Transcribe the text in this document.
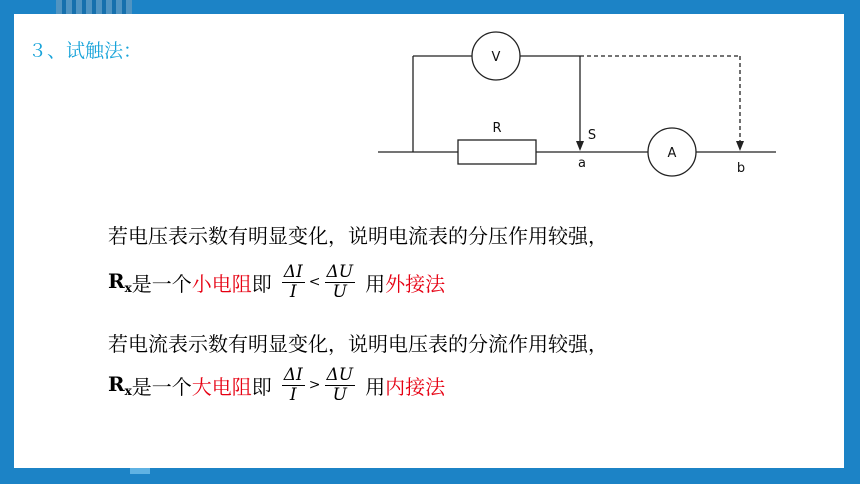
３、试触法：	V
A
R	S
a	b
若电压表示数有明显变化，说明电流表的分压作用较强，
$R_x$ 是一个 小电阻 即 $\frac{\Delta I}{I} < \frac{\Delta U}{U}$ 用 外接法
若电流表示数有明显变化，说明电压表的分流作用较强，
$R_x$ 是一个 大电阻 即 $\frac{\Delta I}{I} > \frac{\Delta U}{U}$ 用 内接法
